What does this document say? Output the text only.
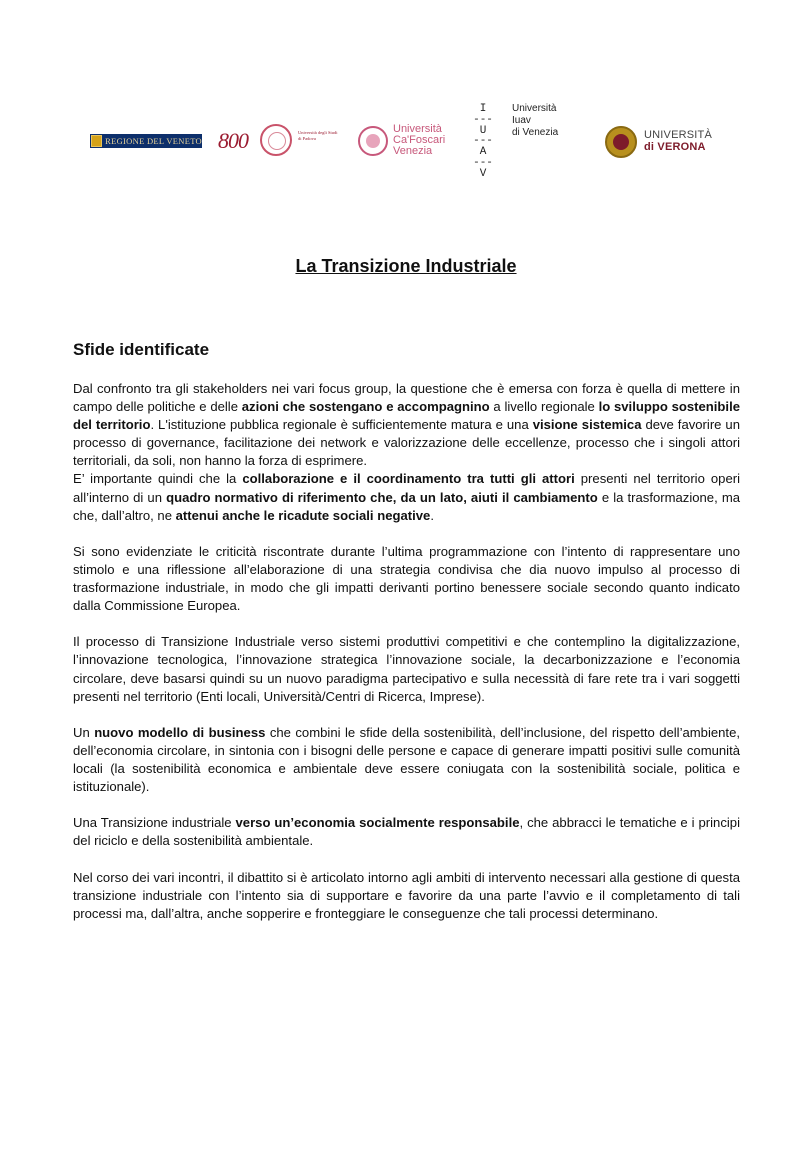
REGIONE DEL VENETO 800	Università degli Studi di Padova
Università
Ca'Foscari
Venezia
I
---
U
---
A
---
V
Università Iuav
di Venezia	UNIVERSITÀ
di VERONA
La Transizione Industriale
Sfide identificate

Dal confronto tra gli stakeholders nei vari focus group, la questione che è emersa con forza è quella di mettere in campo delle politiche e delle azioni che sostengano e accompagnino a livello regionale lo sviluppo sostenibile del territorio. L'istituzione pubblica regionale è sufficientemente matura e una visione sistemica deve favorire un processo di governance, facilitazione dei network e valorizzazione delle eccellenze, processo che i singoli attori territoriali, da soli, non hanno la forza di esprimere.

E’ importante quindi che la collaborazione e il coordinamento tra tutti gli attori presenti nel territorio operi all’interno di un quadro normativo di riferimento che, da un lato, aiuti il cambiamento e la trasformazione, ma che, dall’altro, ne attenui anche le ricadute sociali negative.

Si sono evidenziate le criticità riscontrate durante l’ultima programmazione con l’intento di rappresentare uno stimolo e una riflessione all’elaborazione di una strategia condivisa che dia nuovo impulso al processo di trasformazione industriale, in modo che gli impatti derivanti portino benessere sociale secondo quanto indicato dalla Commissione Europea.

Il processo di Transizione Industriale verso sistemi produttivi competitivi e che contemplino la digitalizzazione, l’innovazione tecnologica, l’innovazione strategica l’innovazione sociale, la decarbonizzazione e l’economia circolare, deve basarsi quindi su un nuovo paradigma partecipativo e sulla necessità di fare rete tra i vari soggetti presenti nel territorio (Enti locali, Università/Centri di Ricerca, Imprese).

Un nuovo modello di business che combini le sfide della sostenibilità, dell’inclusione, del rispetto dell’ambiente, dell’economia circolare, in sintonia con i bisogni delle persone e capace di generare impatti positivi sulle comunità locali (la sostenibilità economica e ambientale deve essere coniugata con la sostenibilità sociale, politica e istituzionale).

Una Transizione industriale verso un’economia socialmente responsabile, che abbracci le tematiche e i principi del riciclo e della sostenibilità ambientale.

Nel corso dei vari incontri, il dibattito si è articolato intorno agli ambiti di intervento necessari alla gestione di questa transizione industriale con l’intento sia di supportare e favorire da una parte l’avvio e il completamento di tali processi ma, dall’altra, anche sopperire e fronteggiare le conseguenze che tali processi determinano.
